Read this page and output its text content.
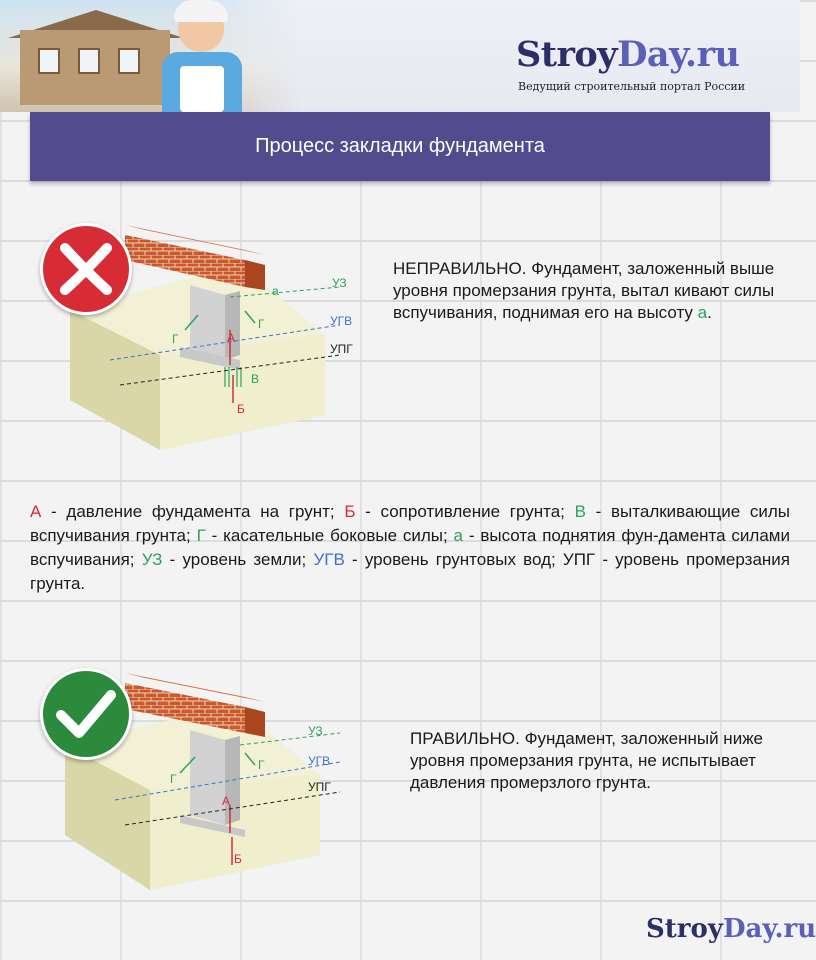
StroyDay.ru
Ведущий строительный портал России
Процесс закладки фундамента
УЗ
УГВ
УПГ
А
Б
В
Г
Г
а
НЕПРАВИЛЬНО. Фундамент, заложенный выше уровня промерзания грунта, вытал кивают силы вспучивания, поднимая его на высоту а.
А - давление фундамента на грунт; Б - сопротивление грунта; В - выталкивающие силы вспучивания грунта; Г - касательные боковые силы; а - высота поднятия фун-дамента силами вспучивания; УЗ - уровень земли; УГВ - уровень грунтовых вод; УПГ - уровень промерзания грунта.
УЗ
УГВ
УПГ
А
Б
Г
Г
ПРАВИЛЬНО. Фундамент, заложенный ниже уровня промерзания грунта, не испытывает давления промерзлого грунта.
StroyDay.ru
